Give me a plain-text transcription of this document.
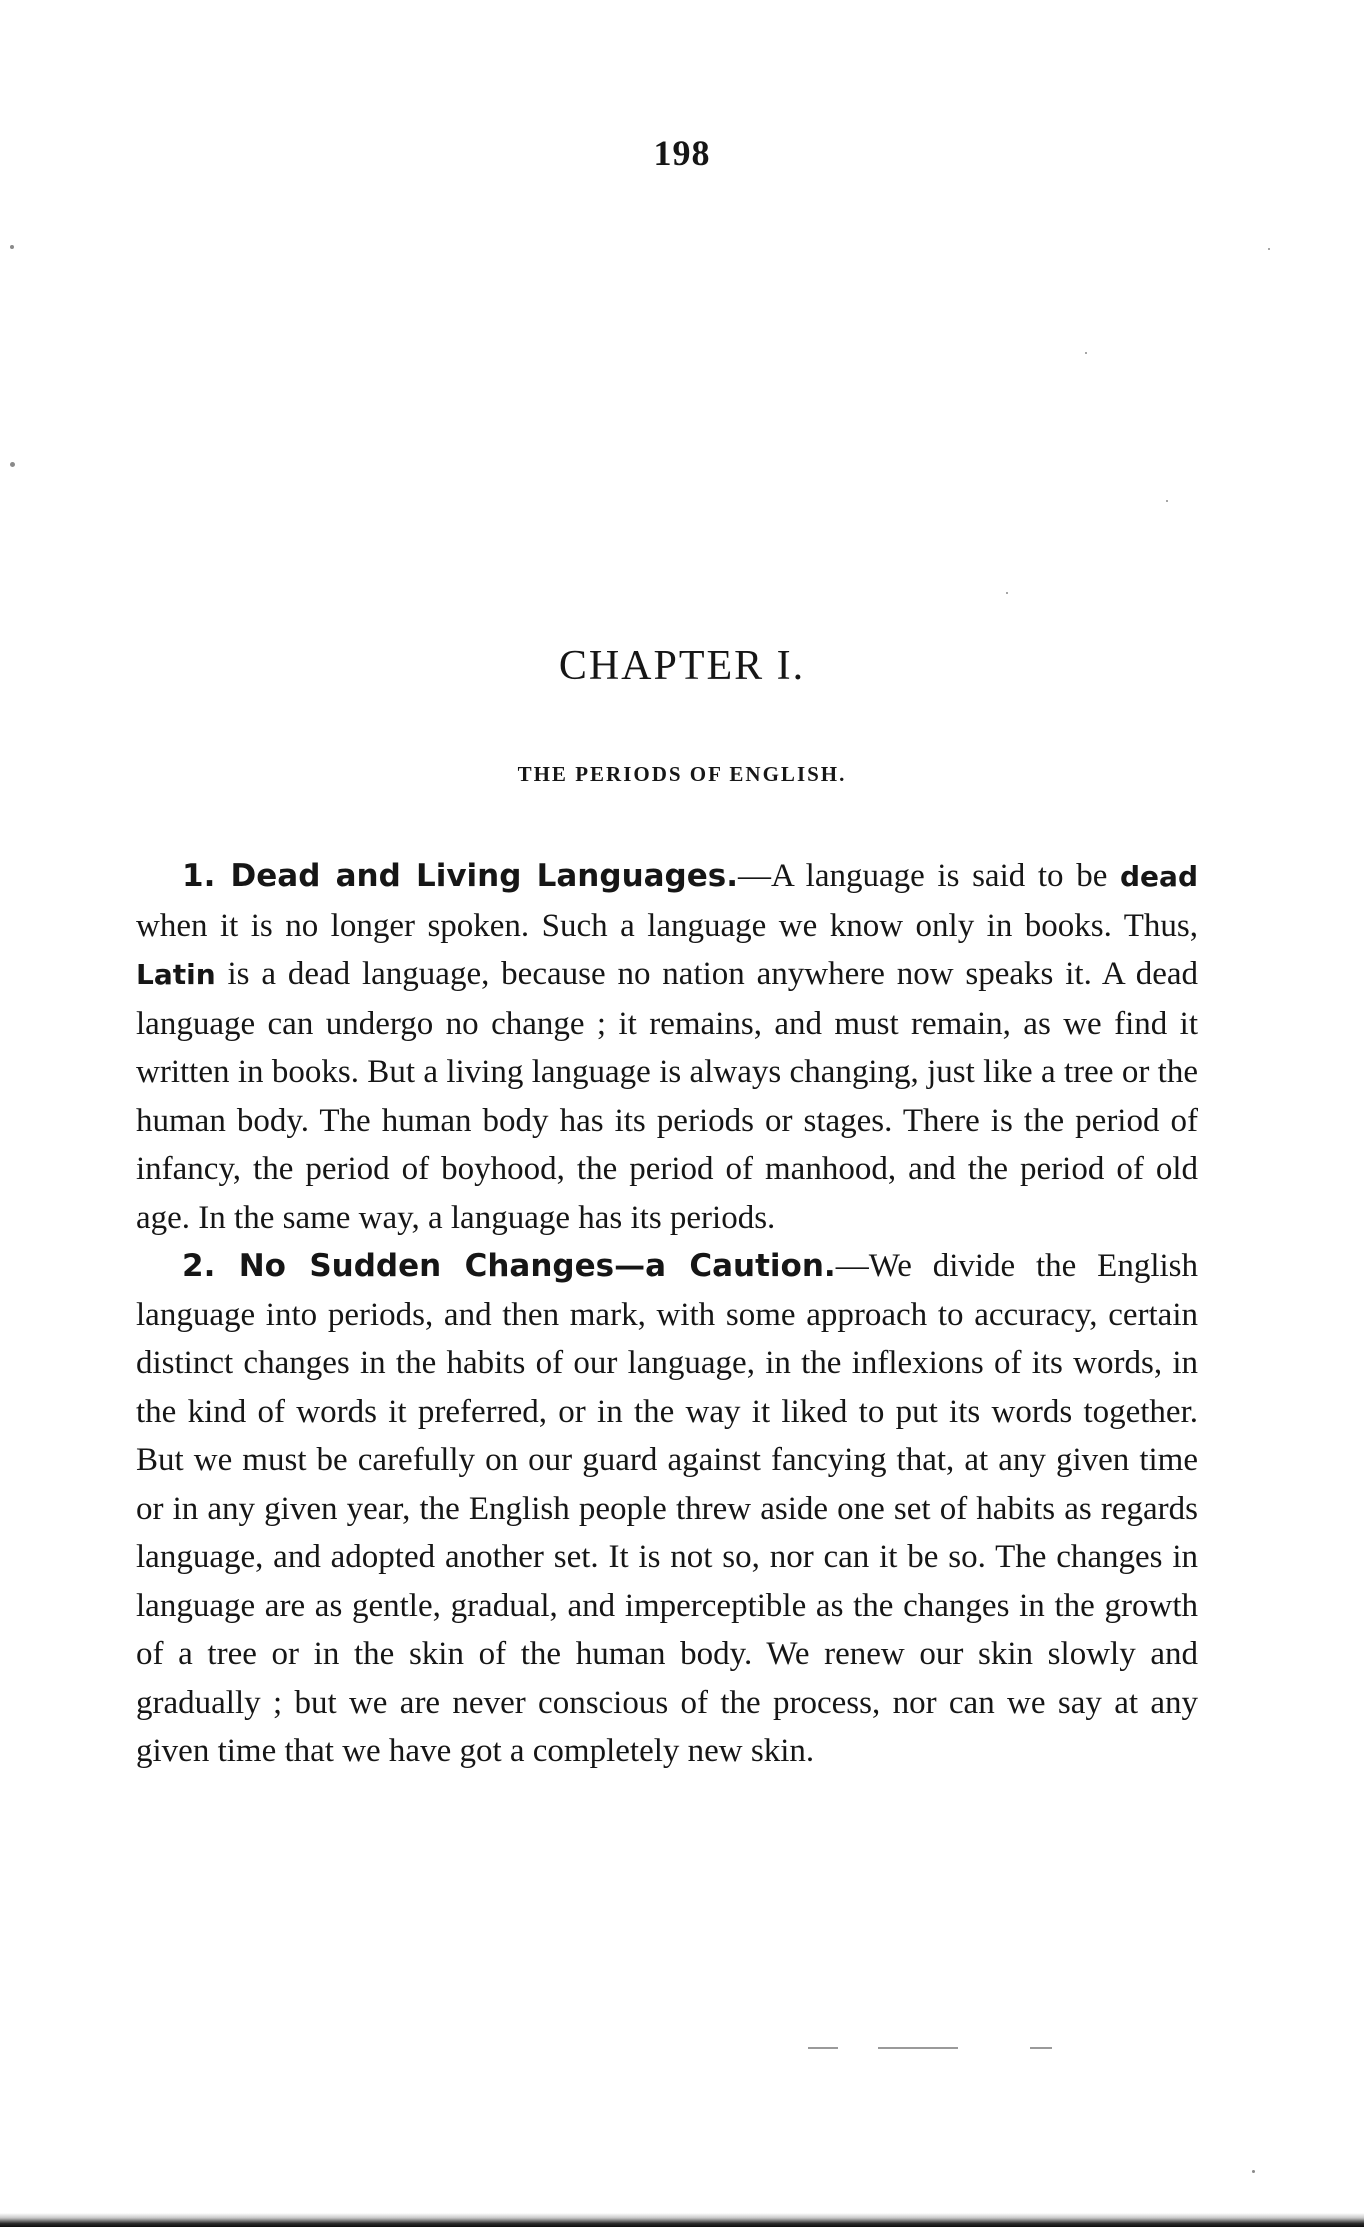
198
CHAPTER I.
THE PERIODS OF ENGLISH.

1. Dead and Living Languages.—A language is said to be dead when it is no longer spoken. Such a language we know only in books. Thus, Latin is a dead language, because no nation anywhere now speaks it. A dead language can undergo no change ; it remains, and must remain, as we find it written in books. But a living language is always changing, just like a tree or the human body. The human body has its periods or stages. There is the period of infancy, the period of boyhood, the period of manhood, and the period of old age. In the same way, a language has its periods.

2. No Sudden Changes—a Caution.—We divide the English language into periods, and then mark, with some approach to accuracy, certain distinct changes in the habits of our language, in the inflexions of its words, in the kind of words it preferred, or in the way it liked to put its words together. But we must be carefully on our guard against fancying that, at any given time or in any given year, the English people threw aside one set of habits as regards language, and adopted another set. It is not so, nor can it be so. The changes in language are as gentle, gradual, and imperceptible as the changes in the growth of a tree or in the skin of the human body. We renew our skin slowly and gradually ; but we are never conscious of the process, nor can we say at any given time that we have got a completely new skin.
